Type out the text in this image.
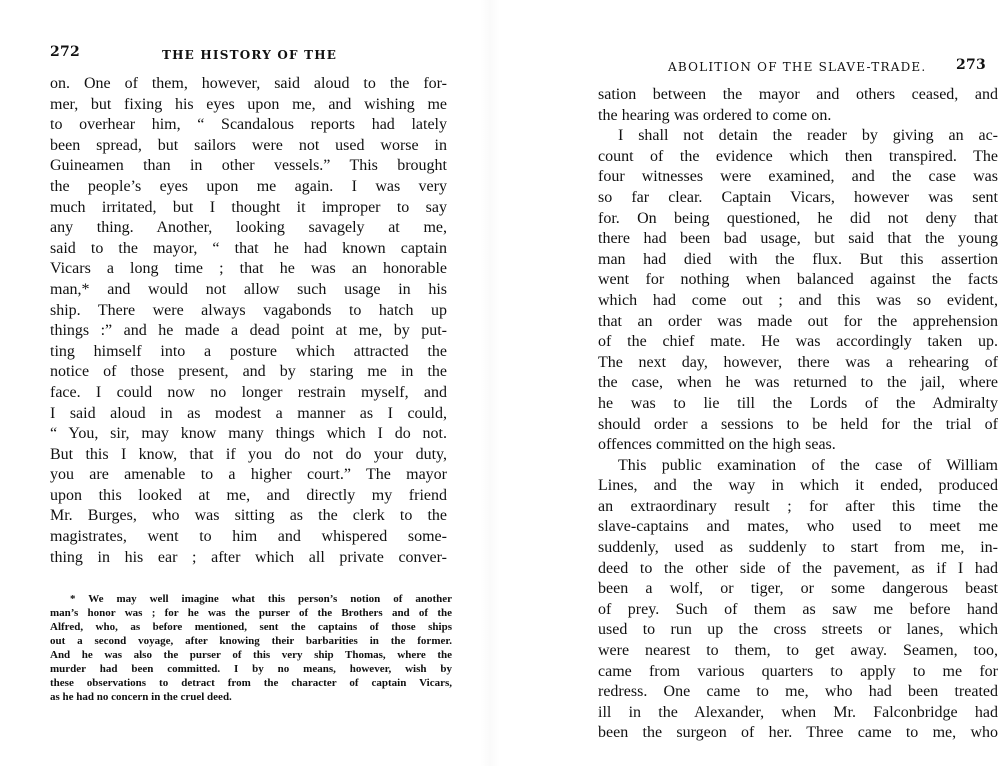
272	THE HISTORY OF THE
on. One of them, however, said aloud to the for-
mer, but fixing his eyes upon me, and wishing me
to overhear him, “ Scandalous reports had lately
been spread, but sailors were not used worse in
Guineamen than in other vessels.” This brought
the people’s eyes upon me again. I was very
much irritated, but I thought it improper to say
any thing. Another, looking savagely at me,
said to the mayor, “ that he had known captain
Vicars a long time ; that he was an honorable
man,* and would not allow such usage in his
ship. There were always vagabonds to hatch up
things :” and he made a dead point at me, by put-
ting himself into a posture which attracted the
notice of those present, and by staring me in the
face. I could now no longer restrain myself, and
I said aloud in as modest a manner as I could,
“ You, sir, may know many things which I do not.
But this I know, that if you do not do your duty,
you are amenable to a higher court.” The mayor
upon this looked at me, and directly my friend
Mr. Burges, who was sitting as the clerk to the
magistrates, went to him and whispered some-
thing in his ear ; after which all private conver-
* We may well imagine what this person’s notion of another
man’s honor was ; for he was the purser of the Brothers and of the
Alfred, who, as before mentioned, sent the captains of those ships
out a second voyage, after knowing their barbarities in the former.
And he was also the purser of this very ship Thomas, where the
murder had been committed. I by no means, however, wish by
these observations to detract from the character of captain Vicars,
as he had no concern in the cruel deed.
ABOLITION OF THE SLAVE-TRADE. 273
sation between the mayor and others ceased, and
the hearing was ordered to come on.
I shall not detain the reader by giving an ac-
count of the evidence which then transpired. The
four witnesses were examined, and the case was
so far clear. Captain Vicars, however was sent
for. On being questioned, he did not deny that
there had been bad usage, but said that the young
man had died with the flux. But this assertion
went for nothing when balanced against the facts
which had come out ; and this was so evident,
that an order was made out for the apprehension
of the chief mate. He was accordingly taken up.
The next day, however, there was a rehearing of
the case, when he was returned to the jail, where
he was to lie till the Lords of the Admiralty
should order a sessions to be held for the trial of
offences committed on the high seas.
This public examination of the case of William
Lines, and the way in which it ended, produced
an extraordinary result ; for after this time the
slave-captains and mates, who used to meet me
suddenly, used as suddenly to start from me, in-
deed to the other side of the pavement, as if I had
been a wolf, or tiger, or some dangerous beast
of prey. Such of them as saw me before hand
used to run up the cross streets or lanes, which
were nearest to them, to get away. Seamen, too,
came from various quarters to apply to me for
redress. One came to me, who had been treated
ill in the Alexander, when Mr. Falconbridge had
been the surgeon of her. Three came to me, who
